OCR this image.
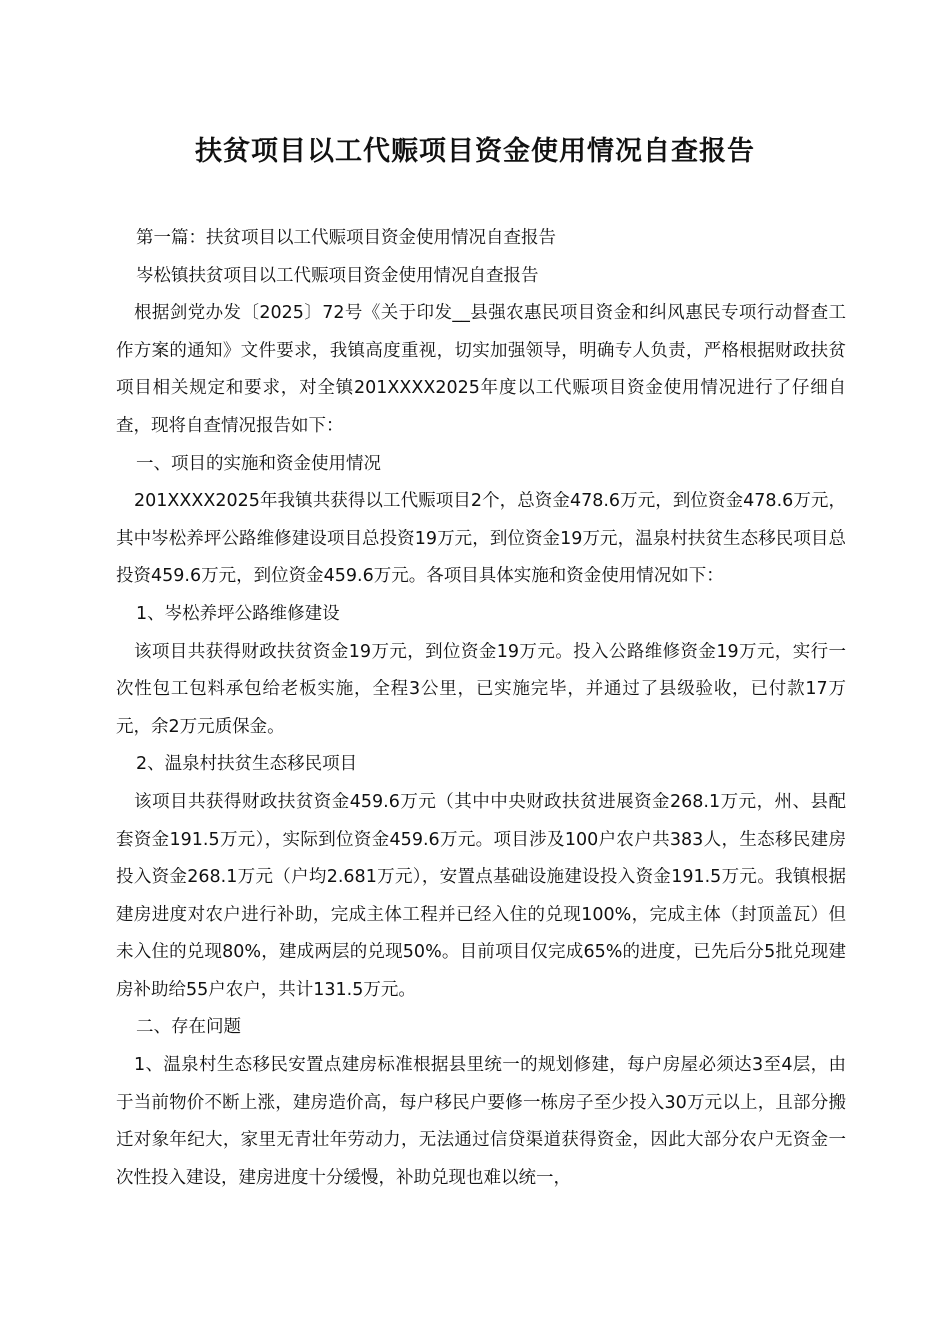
扶贫项目以工代赈项目资金使用情况自查报告

第一篇：扶贫项目以工代赈项目资金使用情况自查报告

岑松镇扶贫项目以工代赈项目资金使用情况自查报告

根据剑党办发〔2025〕72号《关于印发__县强农惠民项目资金和纠风惠民专项行动督查工作方案的通知》文件要求，我镇高度重视，切实加强领导，明确专人负责，严格根据财政扶贫项目相关规定和要求，对全镇201XXXX2025年度以工代赈项目资金使用情况进行了仔细自查，现将自查情况报告如下：

一、项目的实施和资金使用情况

201XXXX2025年我镇共获得以工代赈项目2个，总资金478.6万元，到位资金478.6万元，其中岑松养坪公路维修建设项目总投资19万元，到位资金19万元，温泉村扶贫生态移民项目总投资459.6万元，到位资金459.6万元。各项目具体实施和资金使用情况如下：

1、岑松养坪公路维修建设

该项目共获得财政扶贫资金19万元，到位资金19万元。投入公路维修资金19万元，实行一次性包工包料承包给老板实施，全程3公里，已实施完毕，并通过了县级验收，已付款17万元，余2万元质保金。

2、温泉村扶贫生态移民项目

该项目共获得财政扶贫资金459.6万元（其中中央财政扶贫进展资金268.1万元，州、县配套资金191.5万元），实际到位资金459.6万元。项目涉及100户农户共383人，生态移民建房投入资金268.1万元（户均2.681万元），安置点基础设施建设投入资金191.5万元。我镇根据建房进度对农户进行补助，完成主体工程并已经入住的兑现100%，完成主体（封顶盖瓦）但未入住的兑现80%，建成两层的兑现50%。目前项目仅完成65%的进度，已先后分5批兑现建房补助给55户农户，共计131.5万元。

二、存在问题

1、温泉村生态移民安置点建房标准根据县里统一的规划修建，每户房屋必须达3至4层，由于当前物价不断上涨，建房造价高，每户移民户要修一栋房子至少投入30万元以上，且部分搬迁对象年纪大，家里无青壮年劳动力，无法通过信贷渠道获得资金，因此大部分农户无资金一次性投入建设，建房进度十分缓慢，补助兑现也难以统一，
